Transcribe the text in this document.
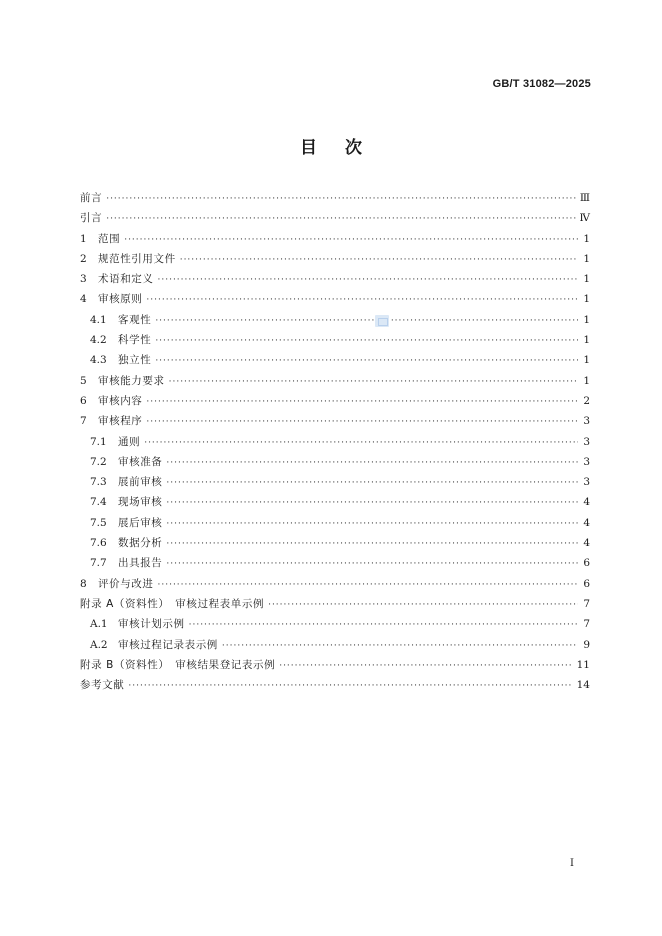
GB/T 31082—2025
目 次
前言 ·····	Ⅲ
引言 ·····	Ⅳ
1 范围 ·····	1
2 规范性引用文件 ·····	1
3 术语和定义 ·····	1
4 审核原则 ·····	1
4.1 客观性 ·····	1
4.2 科学性 ·····	1
4.3 独立性 ·····	1
5 审核能力要求 ·····	1
6 审核内容 ·····	2
7 审核程序 ·····	3
7.1 通则 ·····	3
7.2 审核准备 ·····	3
7.3 展前审核 ·····	3
7.4 现场审核 ·····	4
7.5 展后审核 ·····	4
7.6 数据分析 ·····	4
7.7 出具报告 ·····	6
8 评价与改进 ·····	6
附录 A（资料性）　审核过程表单示例 ·····	7
A.1 审核计划示例 ·····	7
A.2 审核过程记录表示例 ·····	9
附录 B（资料性）　审核结果登记表示例 ·····	11
参考文献 ·····	14
I
